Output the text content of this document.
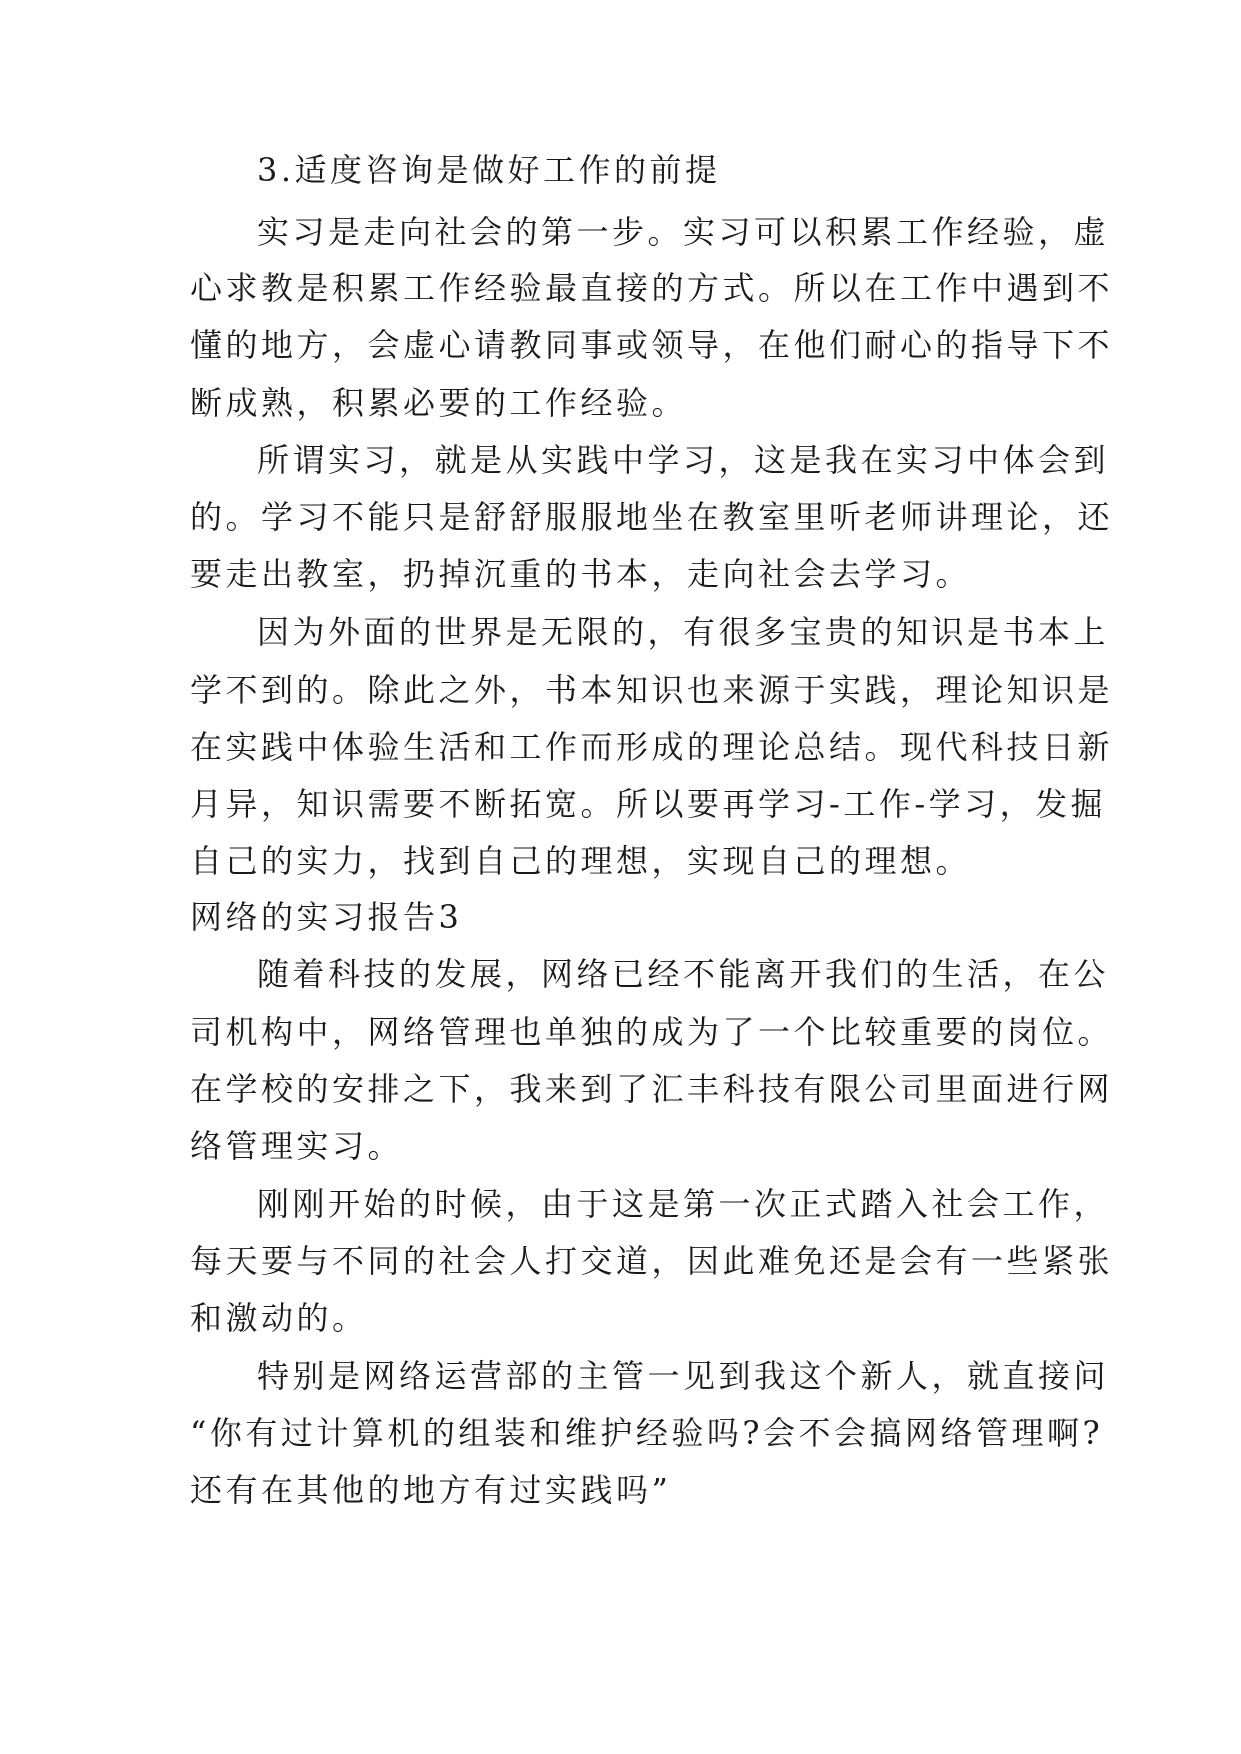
3.适度咨询是做好工作的前提
实习是走向社会的第一步。实习可以积累工作经验，虚
心求教是积累工作经验最直接的方式。所以在工作中遇到不
懂的地方，会虚心请教同事或领导，在他们耐心的指导下不
断成熟，积累必要的工作经验。
所谓实习，就是从实践中学习，这是我在实习中体会到
的。学习不能只是舒舒服服地坐在教室里听老师讲理论，还
要走出教室，扔掉沉重的书本，走向社会去学习。
因为外面的世界是无限的，有很多宝贵的知识是书本上
学不到的。除此之外，书本知识也来源于实践，理论知识是
在实践中体验生活和工作而形成的理论总结。现代科技日新
月异，知识需要不断拓宽。所以要再学习-工作-学习，发掘
自己的实力，找到自己的理想，实现自己的理想。
网络的实习报告3
随着科技的发展，网络已经不能离开我们的生活，在公
司机构中，网络管理也单独的成为了一个比较重要的岗位。
在学校的安排之下，我来到了汇丰科技有限公司里面进行网
络管理实习。
刚刚开始的时候，由于这是第一次正式踏入社会工作，
每天要与不同的社会人打交道，因此难免还是会有一些紧张
和激动的。
特别是网络运营部的主管一见到我这个新人，就直接问
“你有过计算机的组装和维护经验吗?会不会搞网络管理啊?
还有在其他的地方有过实践吗”
